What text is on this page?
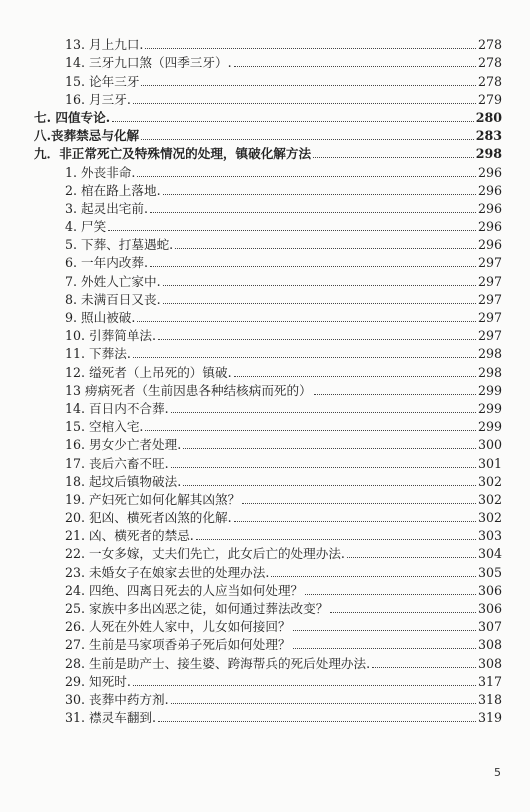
13. 月上九口.	278
14. 三牙九口煞（四季三牙）.	278
15. 论年三牙	278
16. 月三牙.	279
七. 四值专论.	280
八.丧葬禁忌与化解	283
九．非正常死亡及特殊情况的处理，镇破化解方法	298
1. 外丧非命.	296
2. 棺在路上落地.	296
3. 起灵出宅前.	296
4. 尸笑	296
5. 下葬、打墓遇蛇.	296
6. 一年内改葬.	297
7. 外姓人亡家中.	297
8. 未满百日又丧.	297
9. 照山被破.	297
10. 引葬简单法.	297
11. 下葬法.	298
12. 缢死者（上吊死的）镇破.	298
13 痨病死者（生前因患各种结核病而死的）	299
14. 百日内不合葬.	299
15. 空棺入宅.	299
16. 男女少亡者处理.	300
17. 丧后六畜不旺.	301
18. 起坟后镇物破法.	302
19. 产妇死亡如何化解其凶煞？	302
20. 犯凶、横死者凶煞的化解.	302
21. 凶、横死者的禁忌.	303
22. 一女多嫁，丈夫们先亡，此女后亡的处理办法.	304
23. 未婚女子在娘家去世的处理办法.	305
24. 四绝、四离日死去的人应当如何处理？	306
25. 家族中多出凶恶之徒，如何通过葬法改变？	306
26. 人死在外姓人家中，儿女如何接回？	307
27. 生前是马家项香弟子死后如何处理？	308
28. 生前是助产士、接生婆、跨海帮兵的死后处理办法.	308
29. 知死时.	317
30. 丧葬中药方剂.	318
31. 襟灵车翻到.	319
5
